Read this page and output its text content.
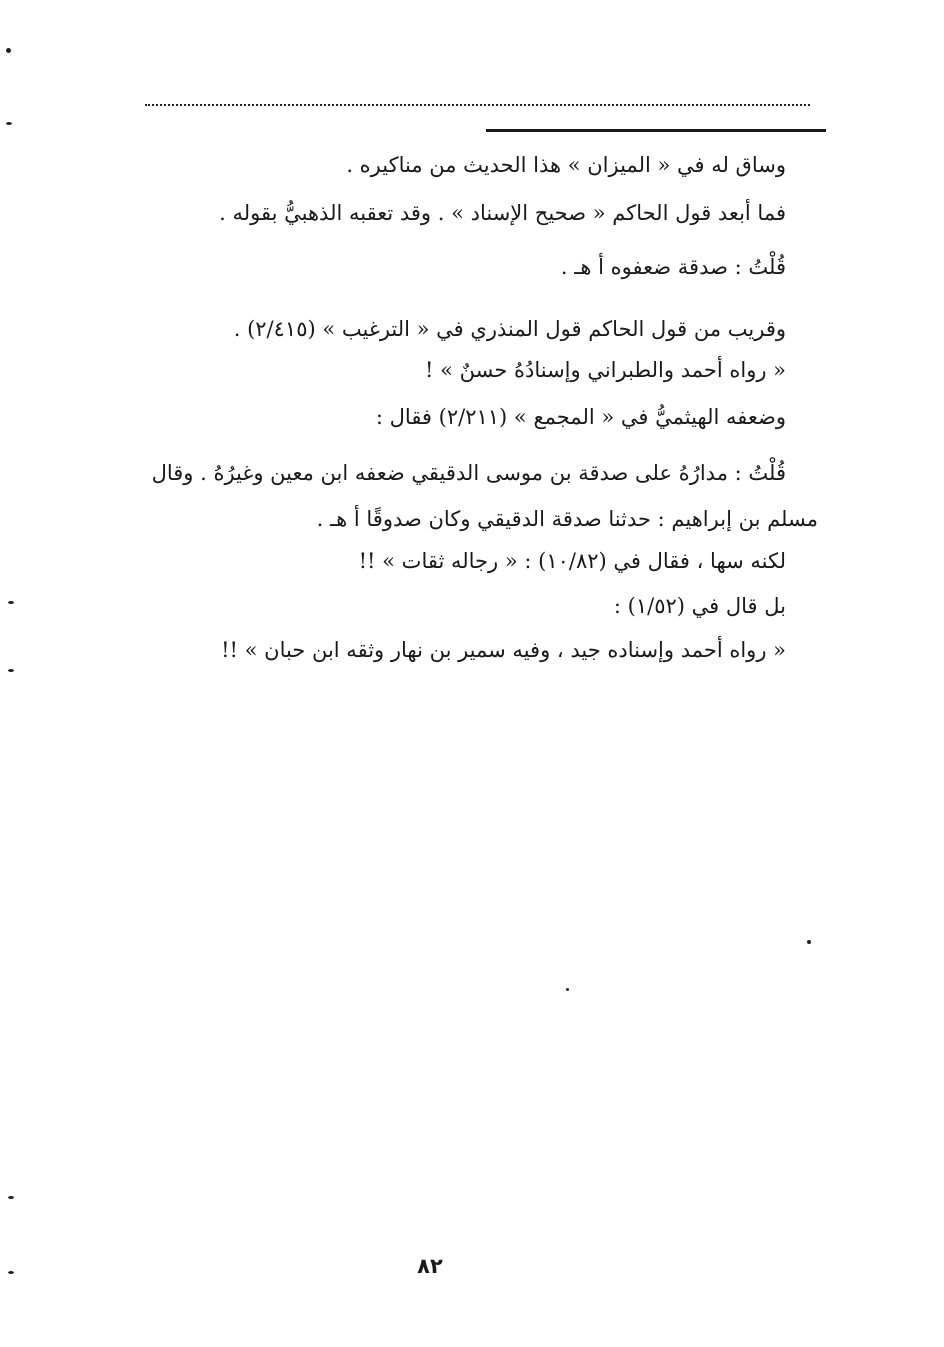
وساق له في « الميزان » هذا الحديث من مناكيره .
فما أبعد قول الحاكم « صحيح الإسناد » . وقد تعقبه الذهبيُّ بقوله .
قُلْتُ : صدقة ضعفوه أ هـ .
وقريب من قول الحاكم قول المنذري في « الترغيب » (٢/٤١٥) .
« رواه أحمد والطبراني وإسنادُهُ حسنٌ » !
وضعفه الهيثميُّ في « المجمع » (٢/٢١١) فقال :
قُلْتُ : مدارُهُ على صدقة بن موسى الدقيقي ضعفه ابن معين وغيرُهُ . وقال
مسلم بن إبراهيم : حدثنا صدقة الدقيقي وكان صدوقًا أ هـ .
لكنه سها ، فقال في (١٠/٨٢) : « رجاله ثقات » !!
بل قال في (١/٥٢) :
« رواه أحمد وإسناده جيد ، وفيه سمير بن نهار وثقه ابن حبان » !!
٨٢
